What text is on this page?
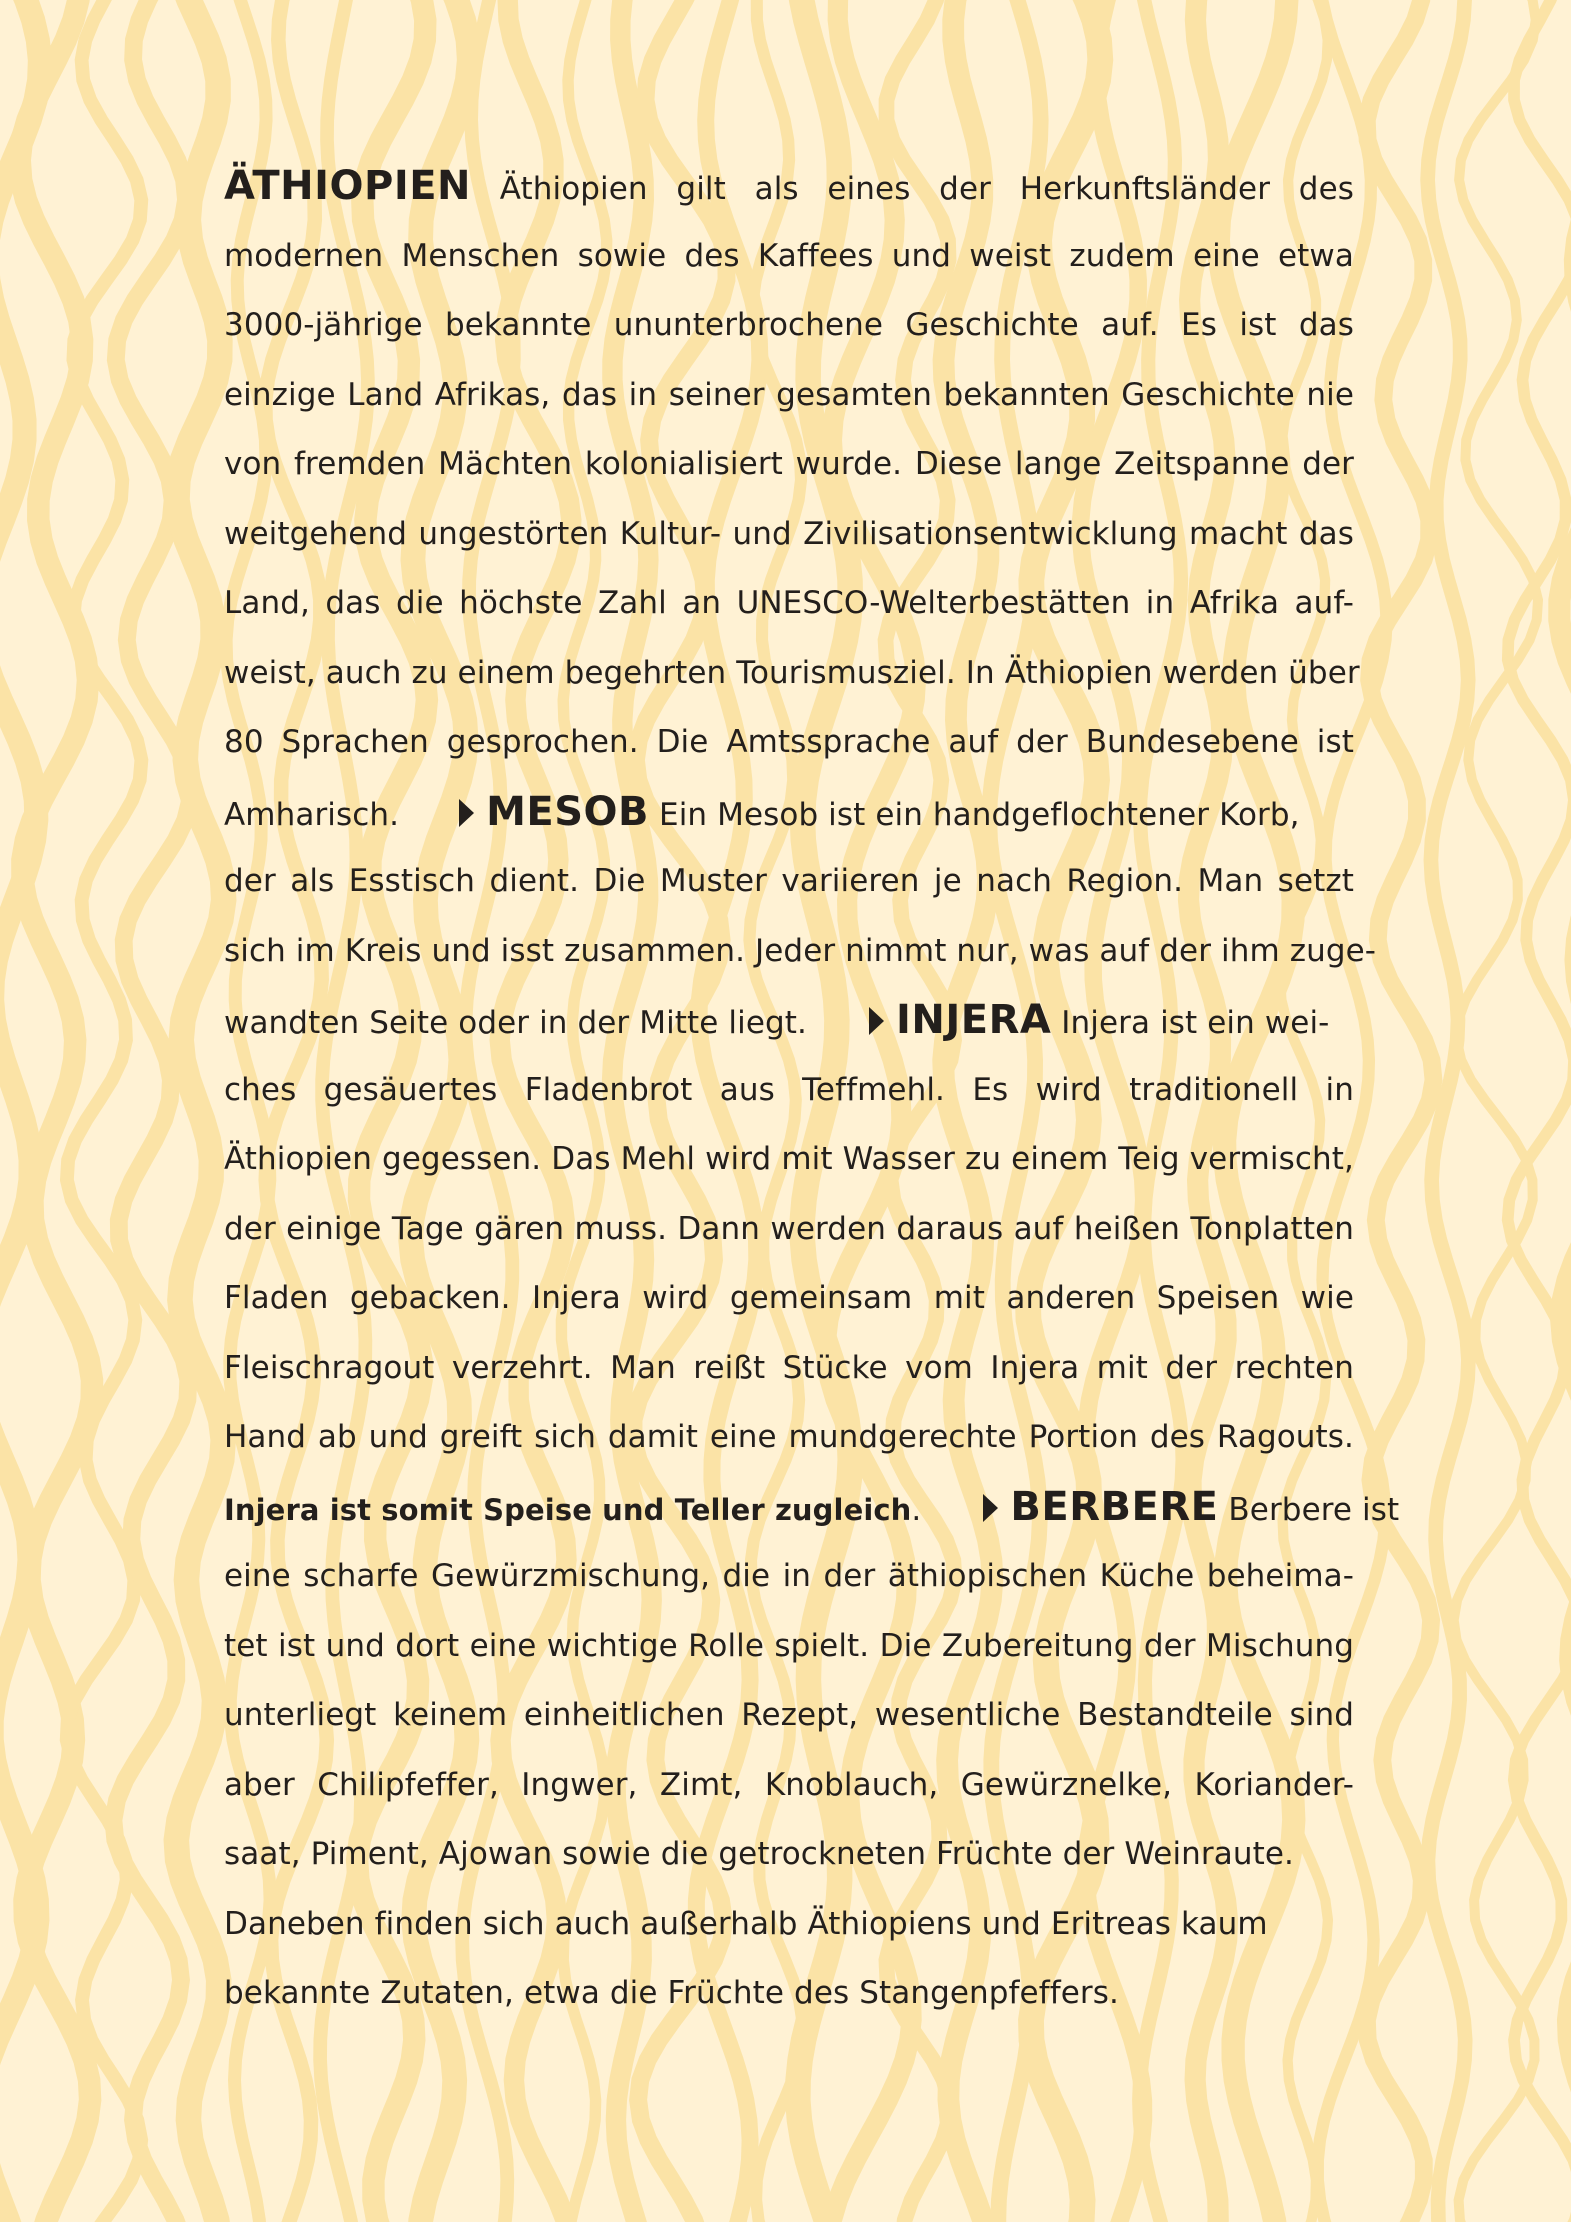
ÄTHIOPIEN Äthiopien gilt als eines der Herkunftsländer des
modernen Menschen sowie des Kaffees und weist zudem eine etwa
3000-jährige bekannte ununterbrochene Geschichte auf. Es ist das
einzige Land Afrikas, das in seiner gesamten bekannten Geschichte nie
von fremden Mächten kolonialisiert wurde. Diese lange Zeitspanne der
weitgehend ungestörten Kultur- und Zivilisationsentwicklung macht das
Land, das die höchste Zahl an UNESCO-Welterbestätten in Afrika auf-
weist, auch zu einem begehrten Tourismusziel. In Äthiopien werden über
80 Sprachen gesprochen. Die Amtssprache auf der Bundesebene ist
Amharisch. MESOB Ein Mesob ist ein handgeflochtener Korb,
der als Esstisch dient. Die Muster variieren je nach Region. Man setzt
sich im Kreis und isst zusammen. Jeder nimmt nur, was auf der ihm zuge-
wandten Seite oder in der Mitte liegt. INJERA Injera ist ein wei-
ches gesäuertes Fladenbrot aus Teffmehl. Es wird traditionell in
Äthiopien gegessen. Das Mehl wird mit Wasser zu einem Teig vermischt,
der einige Tage gären muss. Dann werden daraus auf heißen Tonplatten
Fladen gebacken. Injera wird gemeinsam mit anderen Speisen wie
Fleischragout verzehrt. Man reißt Stücke vom Injera mit der rechten
Hand ab und greift sich damit eine mundgerechte Portion des Ragouts.
Injera ist somit Speise und Teller zugleich. BERBERE Berbere ist
eine scharfe Gewürzmischung, die in der äthiopischen Küche beheima-
tet ist und dort eine wichtige Rolle spielt. Die Zubereitung der Mischung
unterliegt keinem einheitlichen Rezept, wesentliche Bestandteile sind
aber Chilipfeffer, Ingwer, Zimt, Knoblauch, Gewürznelke, Koriander-
saat, Piment, Ajowan sowie die getrockneten Früchte der Weinraute.
Daneben finden sich auch außerhalb Äthiopiens und Eritreas kaum
bekannte Zutaten, etwa die Früchte des Stangenpfeffers.
